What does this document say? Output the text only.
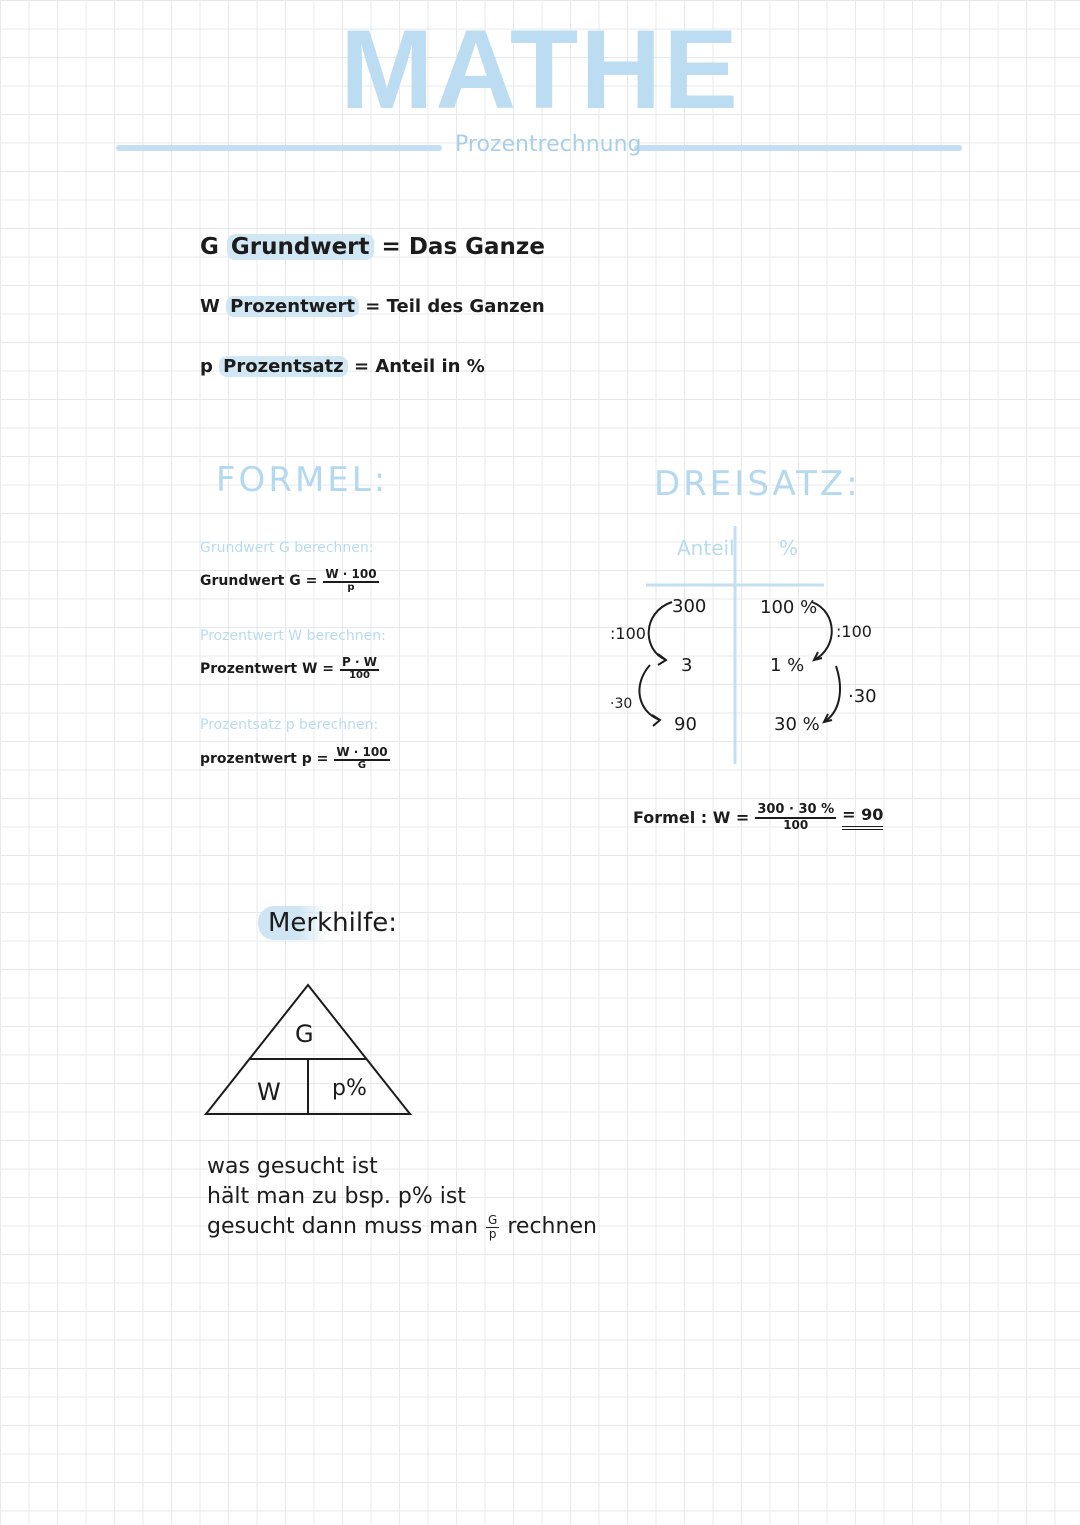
MATHE
Prozentrechnung
G Grundwert = Das Ganze
W Prozentwert = Teil des Ganzen
p Prozentsatz = Anteil in %
FORMEL:
Grundwert G berechnen:
Grundwert $G = \frac{W \cdot 100}{p}$
Prozentwert W berechnen:
Prozentwert $W = \frac{P \cdot W}{100}$
Prozentsatz p berechnen:
prozentwert $p = \frac{W \cdot 100}{G}$
DREISATZ:
Anteil %
300
3
90
100 %
1 %
30 %
:100
·30
:100
·30
Formel : $W = \frac{300 \cdot 30 \%}{100} = 90$
Merkhilfe:
G
W p%
was gesucht ist
hält man zu bsp. p% ist
gesucht dann muss man $\frac{G}{p}$ rechnen
